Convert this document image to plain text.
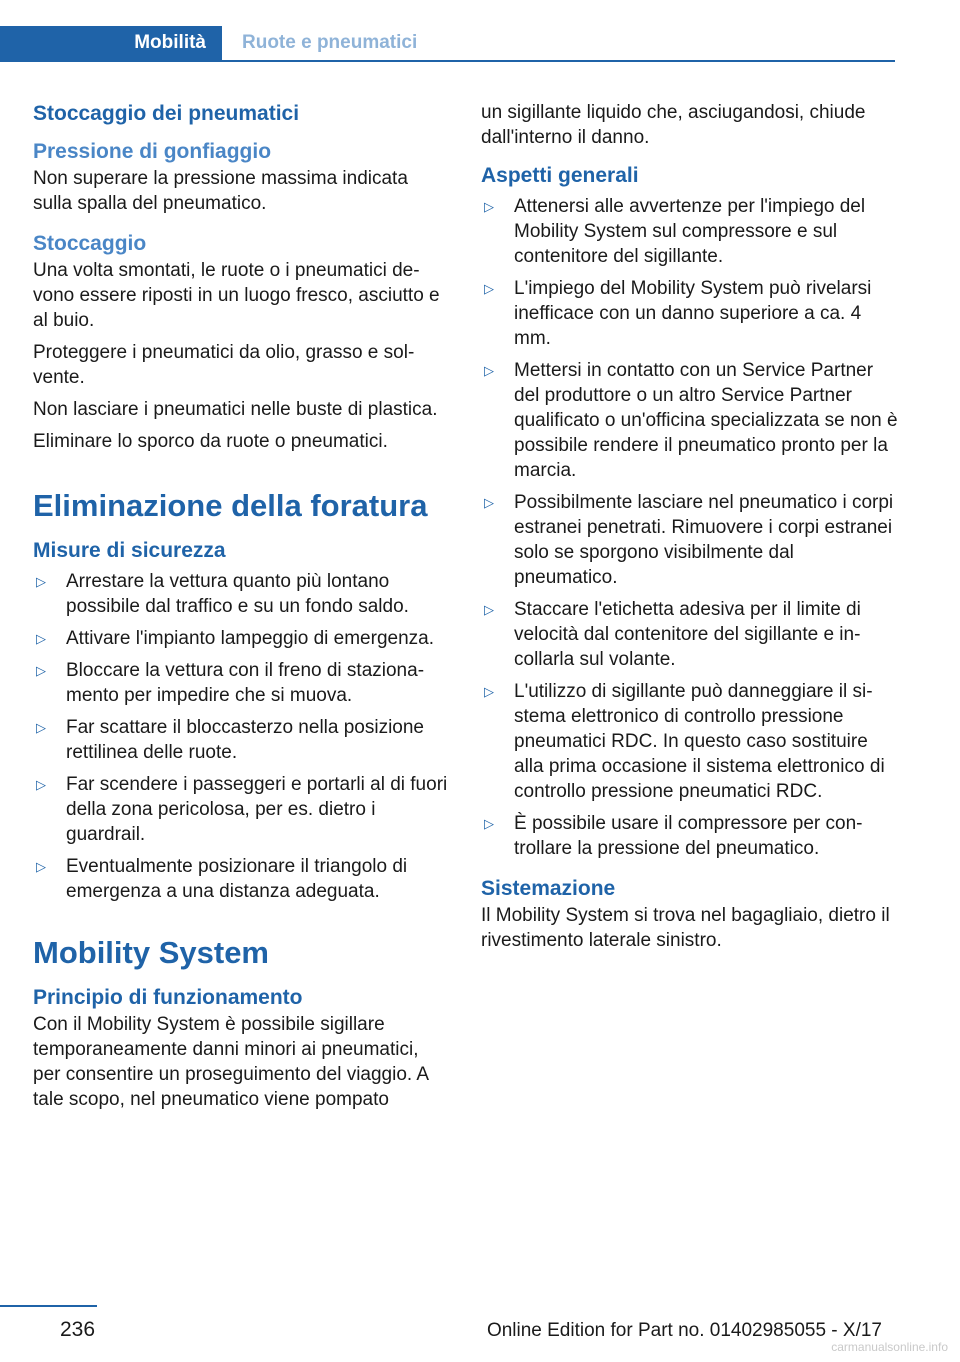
Mobilità Ruote e pneumatici
Stoccaggio dei pneumatici
Pressione di gonfiaggio

Non superare la pressione massima indicata sulla spalla del pneumatico.

Stoccaggio

Una volta smontati, le ruote o i pneumatici devono essere riposti in un luogo fresco, asciutto e al buio.

Proteggere i pneumatici da olio, grasso e solvente.

Non lasciare i pneumatici nelle buste di plastica.

Eliminare lo sporco da ruote o pneumatici.

Eliminazione della foratura
Misure di sicurezza
▷ Arrestare la vettura quanto più lontano possibile dal traffico e su un fondo saldo.
▷ Attivare l'impianto lampeggio di emergenza.
▷ Bloccare la vettura con il freno di stazionamento per impedire che si muova.
▷ Far scattare il bloccasterzo nella posizione rettilinea delle ruote.
▷ Far scendere i passeggeri e portarli al di fuori della zona pericolosa, per es. dietro i guardrail.
▷ Eventualmente posizionare il triangolo di emergenza a una distanza adeguata.
Mobility System
Principio di funzionamento

Con il Mobility System è possibile sigillare temporaneamente danni minori ai pneumatici, per consentire un proseguimento del viaggio. A tale scopo, nel pneumatico viene pompato

un sigillante liquido che, asciugandosi, chiude dall'interno il danno.

Aspetti generali
▷ Attenersi alle avvertenze per l'impiego del Mobility System sul compressore e sul contenitore del sigillante.
▷ L'impiego del Mobility System può rivelarsi inefficace con un danno superiore a ca. 4 mm.
▷ Mettersi in contatto con un Service Partner del produttore o un altro Service Partner qualificato o un'officina specializzata se non è possibile rendere il pneumatico pronto per la marcia.
▷ Possibilmente lasciare nel pneumatico i corpi estranei penetrati. Rimuovere i corpi estranei solo se sporgono visibilmente dal pneumatico.
▷ Staccare l'etichetta adesiva per il limite di velocità dal contenitore del sigillante e incollarla sul volante.
▷ L'utilizzo di sigillante può danneggiare il sistema elettronico di controllo pressione pneumatici RDC. In questo caso sostituire alla prima occasione il sistema elettronico di controllo pressione pneumatici RDC.
▷ È possibile usare il compressore per controllare la pressione del pneumatico.
Sistemazione

Il Mobility System si trova nel bagagliaio, dietro il rivestimento laterale sinistro.

236	Online Edition for Part no. 01402985055 - X/17
carmanualsonline.info
